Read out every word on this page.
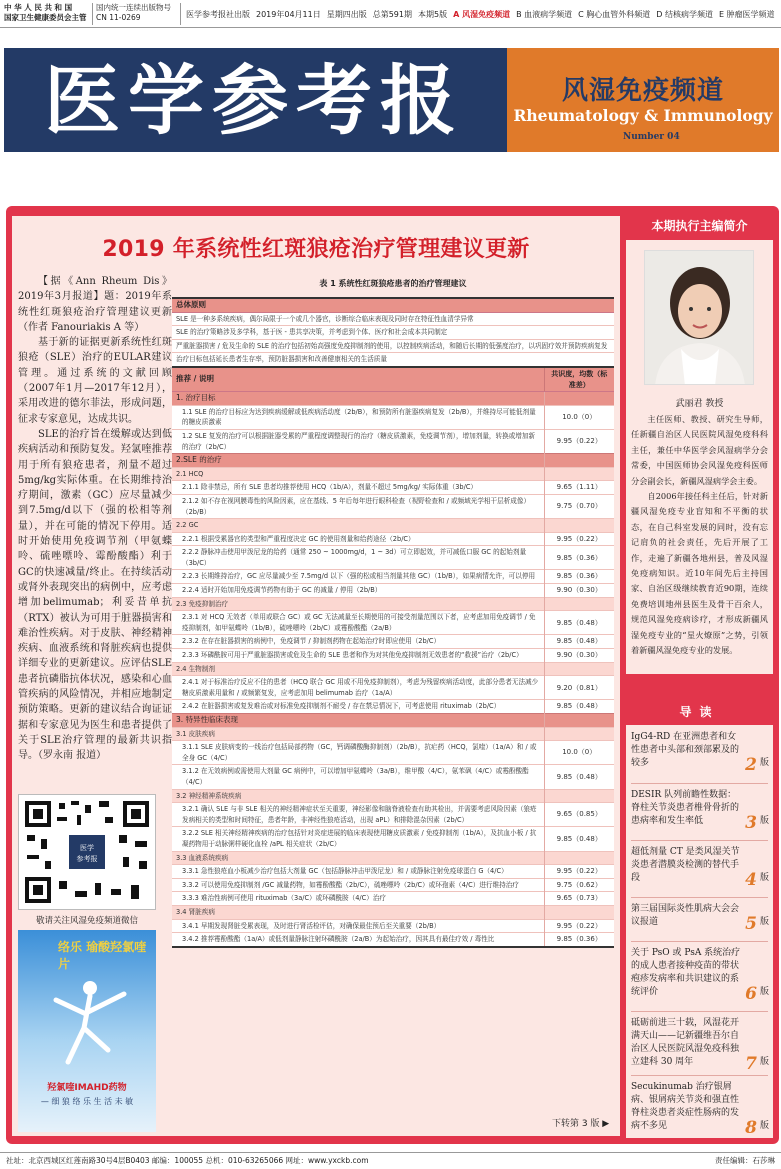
中 华 人 民 共 和 国
国家卫生健康委员会主管
国内统一连续出版物号
CN 11-0269	医学参考报社出版 2019年04月11日 星期四出版 总第591期 本期5版 A 风湿免疫频道 B 血液病学频道 C 胸心血管外科频道 D 结核病学频道 E 肿瘤医学频道
医学参考报	风湿免疫频道
Rheumatology & Immunology
Number 04
2019 年系统性红斑狼疮治疗管理建议更新

【据《Ann Rheum Dis》2019年3月报道】题：2019年系统性红斑狼疮治疗管理建议更新（作者 Fanouriakis A 等）

基于新的证据更新系统性红斑狼疮（SLE）治疗的EULAR建议管理。通过系统的文献回顾（2007年1月—2017年12月），采用改进的德尔菲法，形成问题，征求专家意见，达成共识。

SLE的治疗旨在缓解或达到低疾病活动和预防复发。羟氯喹推荐用于所有狼疮患者，剂量不超过5mg/kg实际体重。在长期维持治疗期间，激素（GC）应尽量减少到7.5mg/d以下（强的松相等剂量），并在可能的情况下停用。适时开始使用免疫调节剂（甲氨蝶呤、硫唑嘌呤、霉酚酸酯）利于GC的快速减量/终止。在持续活动或肾外表现突出的病例中，应考虑增加belimumab；利妥昔单抗（RTX）被认为可用于脏器损害和难治性疾病。对于皮肤、神经精神疾病、血液系统和肾脏疾病也提供详细专业的更新建议。应评估SLE患者抗磷脂抗体状况，感染和心血管疾病的风险情况，并相应地制定预防策略。更新的建议结合询证证据和专家意见为医生和患者提供了关于SLE治疗管理的最新共识指导。（罗永南 报道）

医学
参考报
敬请关注风湿免疫频道微信
络乐 瑜酸羟氯喹片
羟氯喹IMAHD药物
— 细 狼 络 乐 生 活 未 敏
表 1 系统性红斑狼疮患者的治疗管理建议
总体原则	
SLE 是一种多系统疾病，偶尔局限于一个或几个器官，诊断综合临床表现及同时存在特征性血清学异常	
SLE 的治疗策略涉及多学科，基于医 - 患共享决策，并考虑到个体、医疗和社会成本共同制定	
严重脏器损害 / 危及生命的 SLE 的治疗包括初始高强度免疫抑制剂的使用，以控制疾病活动，和随后长期的低强度治疗，以巩固疗效并预防疾病复发	
治疗目标包括延长患者生存率，预防脏器损害和改善健康相关的生活质量	
推荐 / 说明	共识度，均数（标准差）
1. 治疗目标	
1.1 SLE 的治疗目标应为达到疾病缓解或低疾病活动度（2b/B），和预防所有脏器疾病复发（2b/B），并维持尽可能低剂量的糖皮质激素	10.0（0）
1.2 SLE 复发的治疗可以根据脏器受累的严重程度调整现行的治疗（糖皮质激素，免疫调节剂），增加剂量，转换或增加新的治疗（2b/C）	9.95（0.22）
2.SLE 的治疗	
2.1 HCQ	
2.1.1 除非禁忌，所有 SLE 患者均推荐使用 HCQ（1b/A），剂量不超过 5mg/kg/ 实际体重（3b/C）	9.65（1.11）
2.1.2 如不存在视网膜毒性的风险因素，应在基线、5 年后每年进行眼科检查（视野检查和 / 或频域光学相干层析成像）（2b/B）	9.75（0.70）
2.2 GC	
2.2.1 根据受累器官的类型和严重程度决定 GC 的使用剂量和给药途径（2b/C）	9.95（0.22）
2.2.2 静脉冲击使用甲泼尼龙的给药（通常 250 ~ 1000mg/d，1 ~ 3d）可立即起效，并可减低口服 GC 的起始剂量（3b/C）	9.85（0.36）
2.2.3 长期维持治疗，GC 应尽量减少至 7.5mg/d 以下（强的松或相当剂量其他 GC）（1b/B），如果病情允许，可以停用	9.85（0.36）
2.2.4 适时开始加用免疫调节药物有助于 GC 的减量 / 停用（2b/B）	9.90（0.30）
2.3 免疫抑制治疗	
2.3.1 对 HCQ 无效者（单用或联合 GC）或 GC 无法减量至长期使用的可接受剂量范围以下者，应考虑加用免疫调节 / 免疫抑制剂，如甲氨蝶呤（1b/B），硫唑嘌呤（2b/C）或霉酚酸酯（2a/B）	9.85（0.48）
2.3.2 在存在脏器损害的病例中，免疫调节 / 抑制剂药物在起始治疗时即应使用（2b/C）	9.85（0.48）
2.3.3 环磷酰胺可用于严重脏器损害或危及生命的 SLE 患者和作为对其他免疫抑制剂无效患者的“救援”治疗（2b/C）	9.90（0.30）
2.4 生物制剂	
2.4.1 对于标准治疗反应不佳的患者（HCQ 联合 GC 用或不用免疫抑制剂），考虑为残留疾病活动度，此部分患者无法减少糖皮质激素用量和 / 或频繁复发，应考虑加用 belimumab 治疗（1a/A）	9.20（0.81）
2.4.2 在脏器损害或复发难治或对标准免疫抑制剂不耐受 / 存在禁忌情况下，可考虑使用 rituximab（2b/C）	9.85（0.48）
3. 特异性临床表现	
3.1 皮肤疾病	
3.1.1 SLE 皮肤病变的一线治疗包括局部药物（GC，钙调磷酸酶抑制剂）（2b/B），抗疟药（HCQ，氯喹）（1a/A）和 / 或全身 GC（4/C）	10.0（0）
3.1.2 在无效病例或需使用大剂量 GC 病例中，可以增加甲氨蝶呤（3a/B），维甲酸（4/C），氨苯砜（4/C）或霉酚酸酯（4/C）	9.85（0.48）
3.2 神经精神系统疾病	
3.2.1 确认 SLE 与非 SLE 相关的神经精神症状至关重要，神经影像和脑脊液检查有助其检出，并需要考虑风险因素（狼疮发病相关的类型和时间特征，患者年龄，非神经性狼疮活动，出现 aPL）和排除混杂因素（2b/C）	9.65（0.85）
3.2.2 SLE 相关神经精神疾病的治疗包括针对炎症进展的临床表现使用糖皮质激素 / 免疫抑制剂（1b/A），及抗血小板 / 抗凝药物用于动脉粥样硬化血栓 /aPL 相关症状（2b/C）	9.85（0.48）
3.3 血液系统疾病	
3.3.1 急性狼疮血小板减少治疗包括大剂量 GC（包括静脉冲击甲泼尼龙）和 / 或静脉注射免疫球蛋白 G（4/C）	9.95（0.22）
3.3.2 可以使用免疫抑制剂 /GC 减量药物，如霉酚酸酯（2b/C），硫唑嘌呤（2b/C）或环孢素（4/C）进行维持治疗	9.75（0.62）
3.3.3 难治性病例可使用 rituximab（3a/C）或环磷酰胺（4/C）治疗	9.65（0.73）
3.4 肾脏疾病	
3.4.1 早期发现肾脏受累表现，及时进行肾活检评估，对确保最佳预后至关重要（2b/B）	9.95（0.22）
3.4.2 推荐霉酚酸酯（1a/A）或低剂量静脉注射环磷酰胺（2a/B）为起始治疗，因其具有最佳疗效 / 毒性比	9.85（0.36）
下转第 3 版 ▶
本期执行主编简介
武丽君 教授

主任医师、教授、研究生导师，任新疆自治区人民医院风湿免疫科科主任，兼任中华医学会风湿病学分会常委，中国医师协会风湿免疫科医师分会副会长，新疆风湿病学会主委。

自2006年接任科主任后，针对新疆风湿免疫专业盲知和不平衡的状态，在自己科室发展的同时，没有忘记肩负的社会责任，先后开展了工作，走遍了新疆各地州县，普及风湿免疫病知识。近10年间先后主持国家、自治区级继续教育近90期，连续免费培训地州县医生及骨干百余人，规范风湿免疫病诊疗，才形成新疆风湿免疫专业的“星火燎原”之势，引领着新疆风湿免疫专业的发展。

导读
IgG4-RD 在亚洲患者和女性患者中头部和颈部累及的较多	2 版
DESIR 队列前瞻性数据：脊柱关节炎患者椎骨骨折的患病率和发生率低 3 版
超低剂量 CT 是类风湿关节炎患者潜膜炎检测的替代手段	4 版
第三届国际炎性肌病大会会议报道	5 版
关于 PsO 或 PsA 系统治疗的成人患者接种疫苗的带状疱疹发病率和共识建议的系统评价	6 版
砥砺前进三十载，风湿花开满天山——记新疆维吾尔自治区人民医院风湿免疫科独立建科 30 周年	7 版
Secukinumab 治疗银屑病、银屑病关节炎和强直性脊柱炎患者炎症性肠病的发病不多见	8 版
社址：北京西城区红莲南路30号4层B0403 邮编：100055 总机：010-63265066 网址：www.yxckb.com	责任编辑：石莎琳
